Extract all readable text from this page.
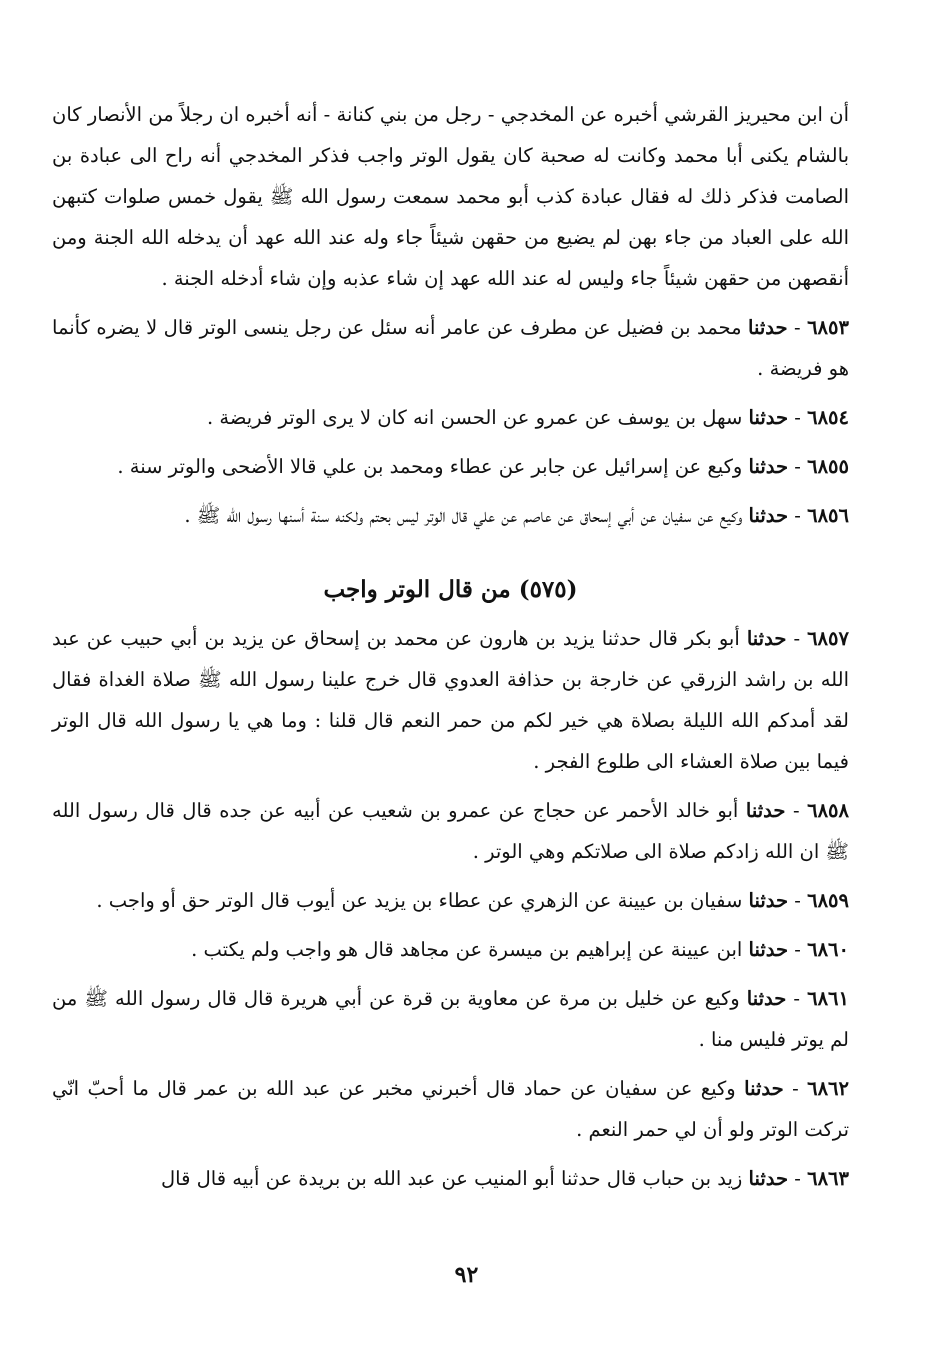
أن ابن محيريز القرشي أخبره عن المخدجي - رجل من بني كنانة - أنه أخبره ان رجلاً من الأنصار كان بالشام يكنى أبا محمد وكانت له صحبة كان يقول الوتر واجب فذكر المخدجي أنه راح الى عبادة بن الصامت فذكر ذلك له فقال عبادة كذب أبو محمد سمعت رسول الله ﷺ يقول خمس صلوات كتبهن الله على العباد من جاء بهن لم يضيع من حقهن شيئاً جاء وله عند الله عهد أن يدخله الله الجنة ومن أنقصهن من حقهن شيئاً جاء وليس له عند الله عهد إن شاء عذبه وإن شاء أدخله الجنة .

٦٨٥٣ - حدثنا محمد بن فضيل عن مطرف عن عامر أنه سئل عن رجل ينسى الوتر قال لا يضره كأنما هو فريضة .

٦٨٥٤ - حدثنا سهل بن يوسف عن عمرو عن الحسن انه كان لا يرى الوتر فريضة .

٦٨٥٥ - حدثنا وكيع عن إسرائيل عن جابر عن عطاء ومحمد بن علي قالا الأضحى والوتر سنة .

٦٨٥٦ - حدثنا وكيع عن سفيان عن أبي إسحاق عن عاصم عن علي قال الوتر ليس بحتم ولكنه سنة أسنها رسول الله ﷺ .

(٥٧٥) من قال الوتر واجب

٦٨٥٧ - حدثنا أبو بكر قال حدثنا يزيد بن هارون عن محمد بن إسحاق عن يزيد بن أبي حبيب عن عبد الله بن راشد الزرقي عن خارجة بن حذافة العدوي قال خرج علينا رسول الله ﷺ صلاة الغداة فقال لقد أمدكم الله الليلة بصلاة هي خير لكم من حمر النعم قال قلنا : وما هي يا رسول الله قال الوتر فيما بين صلاة العشاء الى طلوع الفجر .

٦٨٥٨ - حدثنا أبو خالد الأحمر عن حجاج عن عمرو بن شعيب عن أبيه عن جده قال قال رسول الله ﷺ ان الله زادكم صلاة الى صلاتكم وهي الوتر .

٦٨٥٩ - حدثنا سفيان بن عيينة عن الزهري عن عطاء بن يزيد عن أيوب قال الوتر حق أو واجب .

٦٨٦٠ - حدثنا ابن عيينة عن إبراهيم بن ميسرة عن مجاهد قال هو واجب ولم يكتب .

٦٨٦١ - حدثنا وكيع عن خليل بن مرة عن معاوية بن قرة عن أبي هريرة قال قال رسول الله ﷺ من لم يوتر فليس منا .

٦٨٦٢ - حدثنا وكيع عن سفيان عن حماد قال أخبرني مخبر عن عبد الله بن عمر قال ما أحبّ انّي تركت الوتر ولو أن لي حمر النعم .

٦٨٦٣ - حدثنا زيد بن حباب قال حدثنا أبو المنيب عن عبد الله بن بريدة عن أبيه قال قال

٩٢
